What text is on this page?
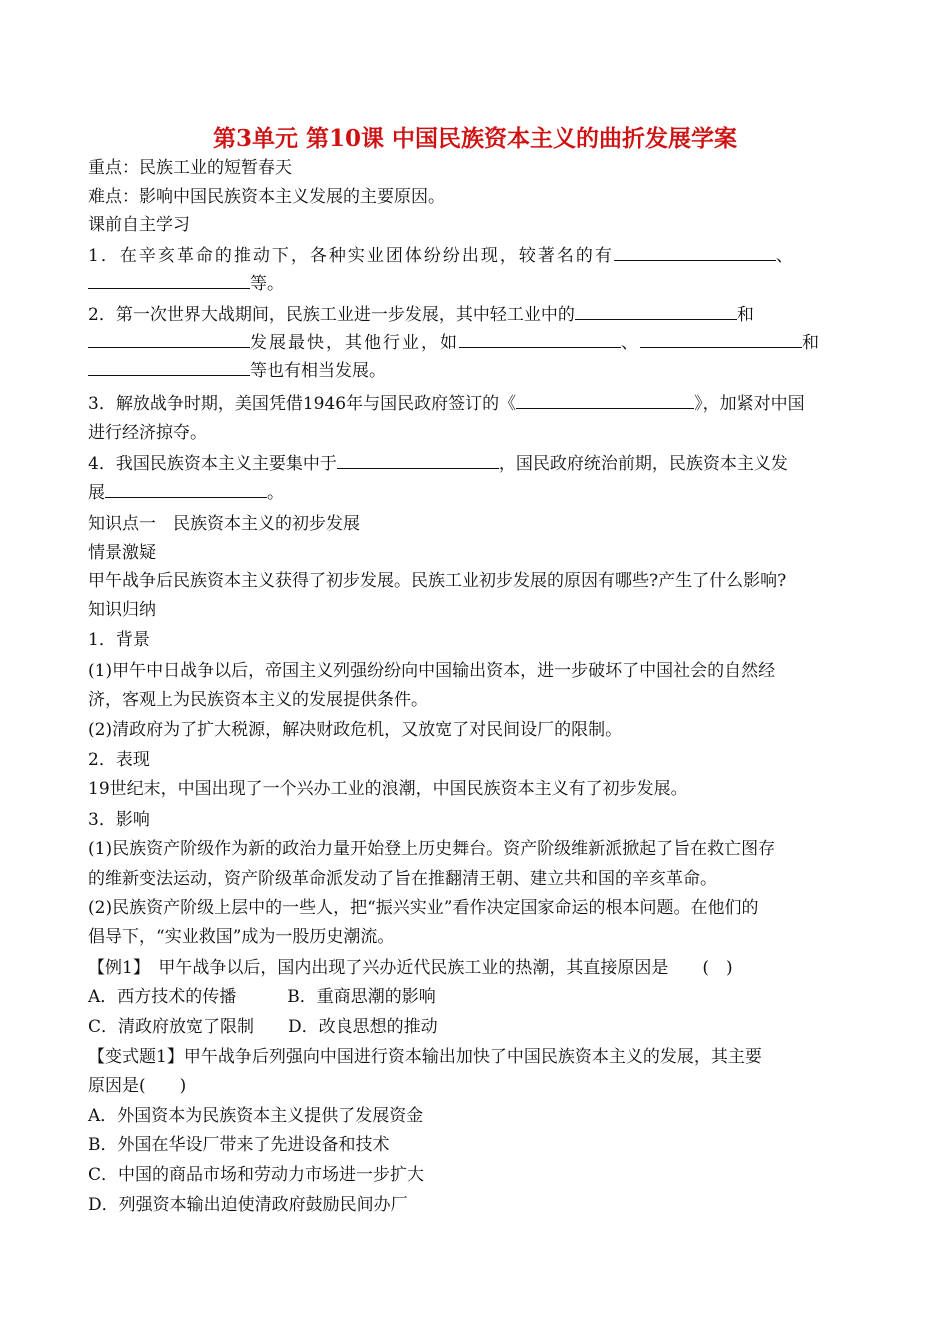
第3单元 第10课 中国民族资本主义的曲折发展学案
重点：民族工业的短暂春天
难点：影响中国民族资本主义发展的主要原因。
课前自主学习
1．在辛亥革命的推动下，各种实业团体纷纷出现，较著名的有	、
等。
2．第一次世界大战期间，民族工业进一步发展，其中轻工业中的	和
发展最快，其他行业，如	、	和
等也有相当发展。
3．解放战争时期，美国凭借1946年与国民政府签订的《	》，加紧对中国
进行经济掠夺。
4．我国民族资本主义主要集中于	，国民政府统治前期，民族资本主义发
展	。
知识点一　民族资本主义的初步发展
情景激疑
甲午战争后民族资本主义获得了初步发展。民族工业初步发展的原因有哪些?产生了什么影响?
知识归纳
1．背景
(1)甲午中日战争以后，帝国主义列强纷纷向中国输出资本，进一步破坏了中国社会的自然经
济，客观上为民族资本主义的发展提供条件。
(2)清政府为了扩大税源，解决财政危机，又放宽了对民间设厂的限制。
2．表现
19世纪末，中国出现了一个兴办工业的浪潮，中国民族资本主义有了初步发展。
3．影响
(1)民族资产阶级作为新的政治力量开始登上历史舞台。资产阶级维新派掀起了旨在救亡图存
的维新变法运动，资产阶级革命派发动了旨在推翻清王朝、建立共和国的辛亥革命。
(2)民族资产阶级上层中的一些人，把“振兴实业”看作决定国家命运的根本问题。在他们的
倡导下，“实业救国”成为一股历史潮流。
【例1】　甲午战争以后，国内出现了兴办近代民族工业的热潮，其直接原因是　　(　)
A．西方技术的传播　　　B．重商思潮的影响
C．清政府放宽了限制　　D．改良思想的推动
【变式题1】甲午战争后列强向中国进行资本输出加快了中国民族资本主义的发展，其主要
原因是(　　)
A．外国资本为民族资本主义提供了发展资金
B．外国在华设厂带来了先进设备和技术
C．中国的商品市场和劳动力市场进一步扩大
D．列强资本输出迫使清政府鼓励民间办厂
